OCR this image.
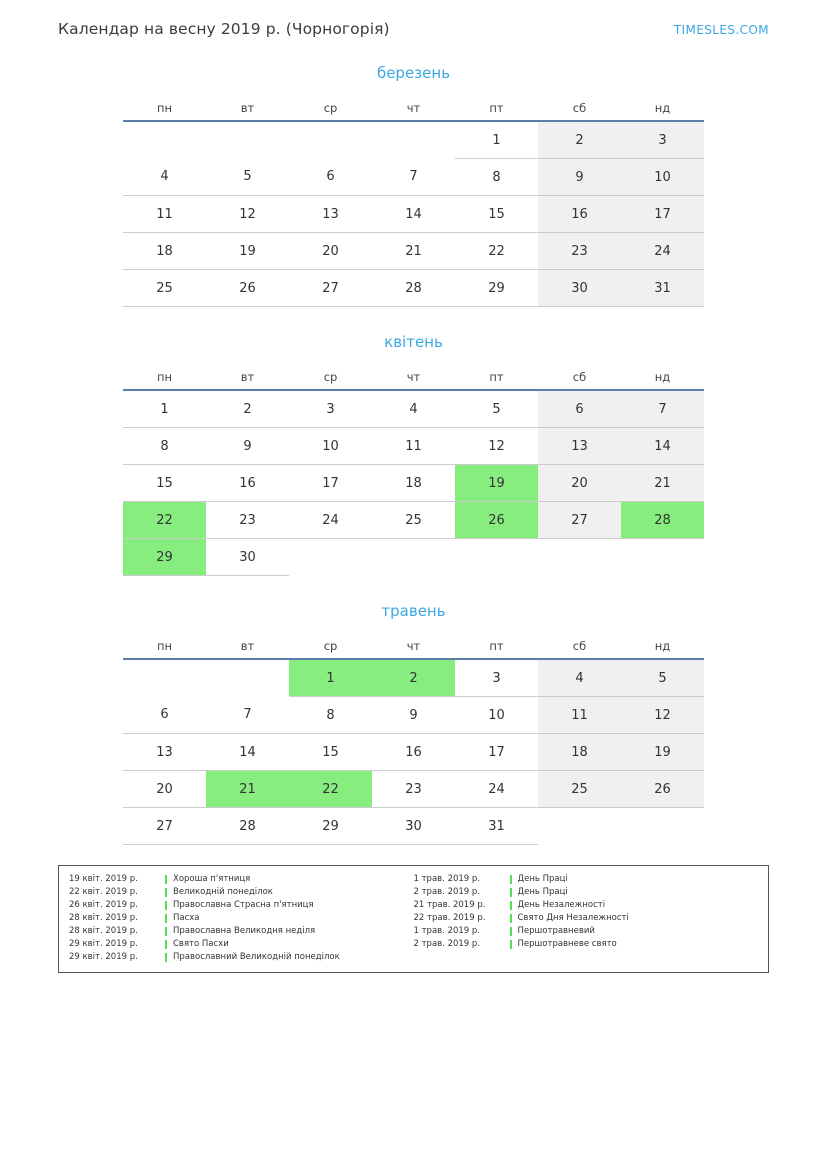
Календар на весну 2019 р. (Чорногорія)	TIMESLES.COM
березень
пн	вт	ср	чт	пт	сб	нд
				1	2	3
4	5	6	7	8	9	10
11	12	13	14	15	16	17
18	19	20	21	22	23	24
25	26	27	28	29	30	31
квітень
пн	вт	ср	чт	пт	сб	нд
1	2	3	4	5	6	7
8	9	10	11	12	13	14
15	16	17	18	19	20	21
22	23	24	25	26	27	28
29	30					
травень
пн	вт	ср	чт	пт	сб	нд
		1	2	3	4	5
6	7	8	9	10	11	12
13	14	15	16	17	18	19
20	21	22	23	24	25	26
27	28	29	30	31		
19 квіт. 2019 р.	Хороша п'ятниця
22 квіт. 2019 р.	Великодній понеділок
26 квіт. 2019 р.	Православна Страсна п'ятниця
28 квіт. 2019 р.	Пасха
28 квіт. 2019 р.	Православна Великодня неділя
29 квіт. 2019 р.	Свято Пасхи
29 квіт. 2019 р.	Православний Великодній понеділок
1 трав. 2019 р.	День Праці
2 трав. 2019 р.	День Праці
21 трав. 2019 р.	День Незалежності
22 трав. 2019 р.	Свято Дня Незалежності
1 трав. 2019 р.	Першотравневий
2 трав. 2019 р.	Першотравневе свято
